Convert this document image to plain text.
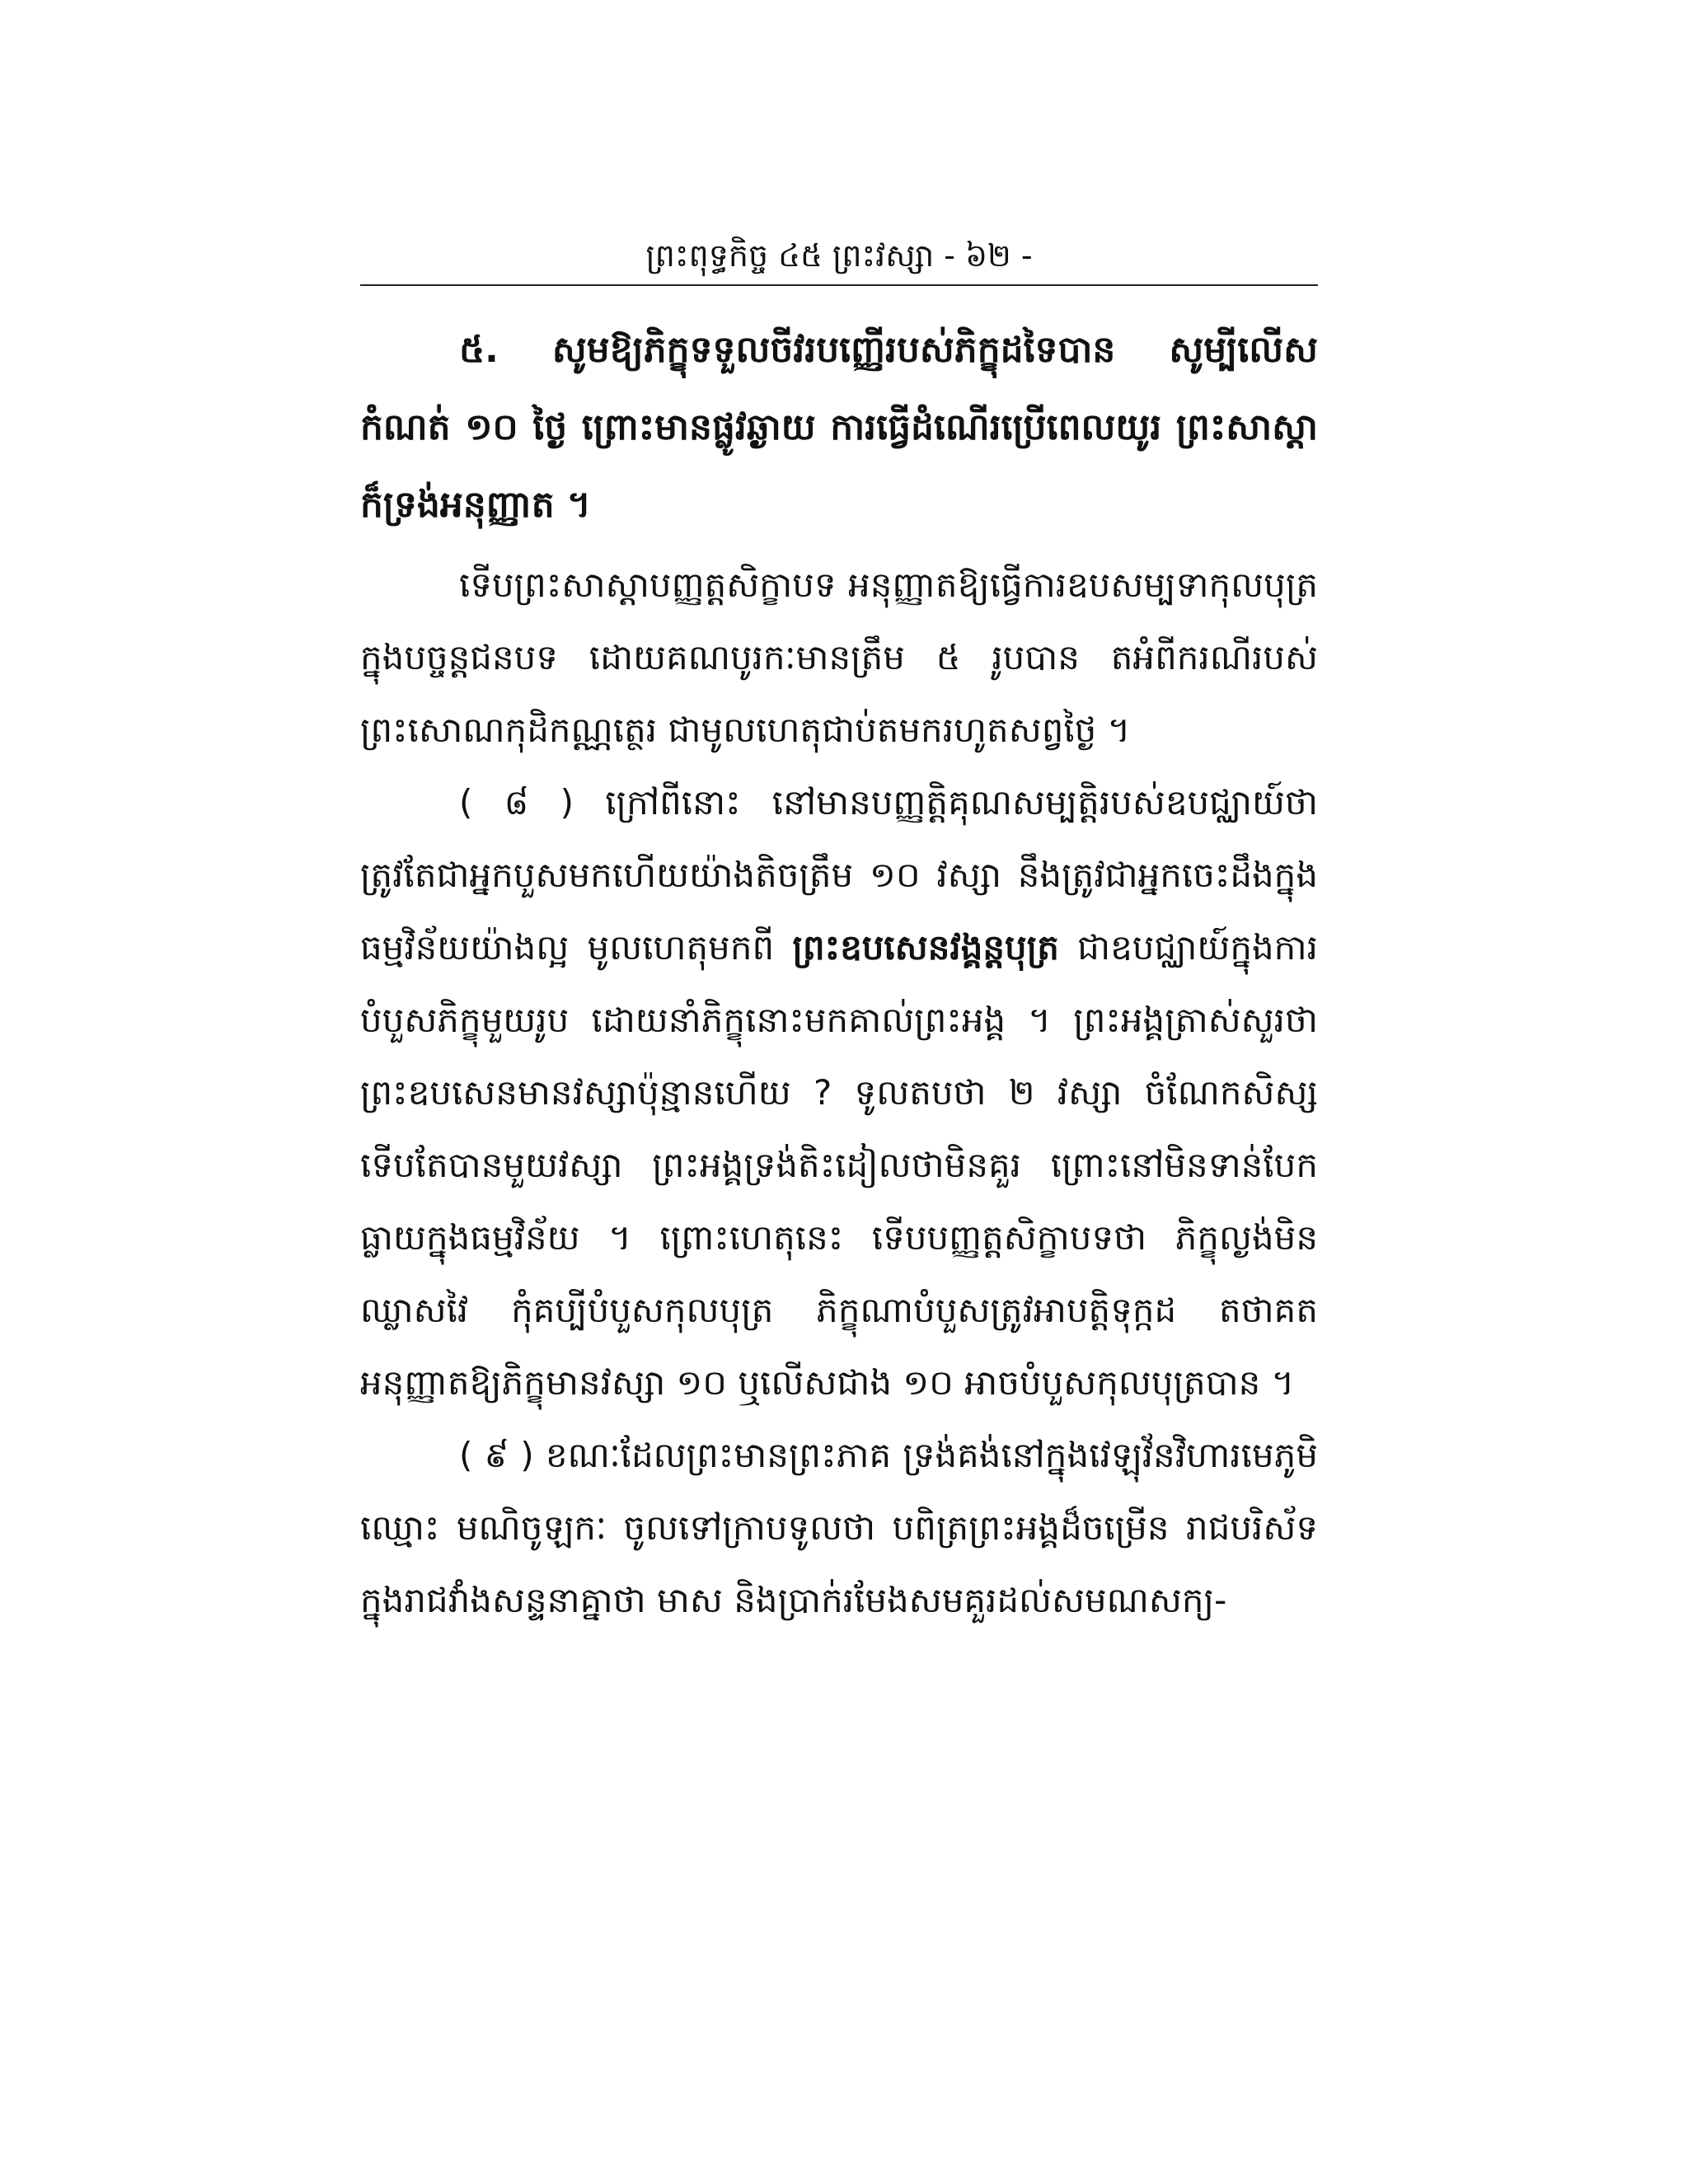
ព្រះពុទ្ធកិច្ច ៤៥ ព្រះវស្សា - ៦២ -

៥. សូមឱ្យភិក្ខុទទួលចីវរបញ្ញើរបស់ភិក្ខុដទៃបាន សូម្បីលើសកំណត់ ១០ ថ្ងៃ ព្រោះមានផ្លូវឆ្ងាយ ការធ្វើដំណើរប្រើពេលយូរ ព្រះសាស្តាក៏ទ្រង់អនុញ្ញាត ។

ទើបព្រះសាស្តាបញ្ញត្តសិក្ខាបទ អនុញ្ញាតឱ្យធ្វើការឧបសម្បទាកុលបុត្រក្នុងបច្ចន្តជនបទ ដោយគណបូរកៈមានត្រឹម ៥ រូបបាន តអំពីករណីរបស់ព្រះសោណកុដិកណ្ណត្ថេរ ជាមូលហេតុជាប់តមករហូតសព្វថ្ងៃ ។

( ៨ ) ក្រៅពីនោះ នៅមានបញ្ញត្តិគុណសម្បត្តិរបស់ឧបជ្ឈាយ៍ថា ត្រូវតែជាអ្នកបួសមកហើយយ៉ាងតិចត្រឹម ១០ វស្សា នឹងត្រូវជាអ្នកចេះដឹងក្នុងធម្មវិន័យយ៉ាងល្អ មូលហេតុមកពី ព្រះឧបសេនវង្គន្តបុត្រ ជាឧបជ្ឈាយ៍ក្នុងការបំបួសភិក្ខុមួយរូប ដោយនាំភិក្ខុនោះមកគាល់ព្រះអង្គ ។ ព្រះអង្គត្រាស់សួរថា ព្រះឧបសេនមានវស្សាប៉ុន្មានហើយ ? ទូលតបថា ២ វស្សា ចំណែកសិស្សទើបតែបានមួយវស្សា ព្រះអង្គទ្រង់តិះដៀលថាមិនគួរ ព្រោះនៅមិនទាន់បែកធ្លាយក្នុងធម្មវិន័យ ។ ព្រោះហេតុនេះ ទើបបញ្ញត្តសិក្ខាបទថា ភិក្ខុល្ងង់មិនឈ្លាសវៃ កុំគប្បីបំបួសកុលបុត្រ ភិក្ខុណាបំបួសត្រូវអាបត្តិទុក្កដ តថាគតអនុញ្ញាតឱ្យភិក្ខុមានវស្សា ១០ ឬលើសជាង ១០ អាចបំបួសកុលបុត្របាន ។

( ៩ ) ខណៈដែលព្រះមានព្រះភាគ ទ្រង់គង់នៅក្នុងវេឡុវ័នវិហារមេភូមិឈ្មោះ មណិចូឡកៈ ចូលទៅក្រាបទូលថា បពិត្រព្រះអង្គដ៏ចម្រើន រាជបរិស័ទក្នុងរាជវាំងសន្ទនាគ្នាថា មាស និងប្រាក់រមែងសមគួរដល់សមណសក្យ-
